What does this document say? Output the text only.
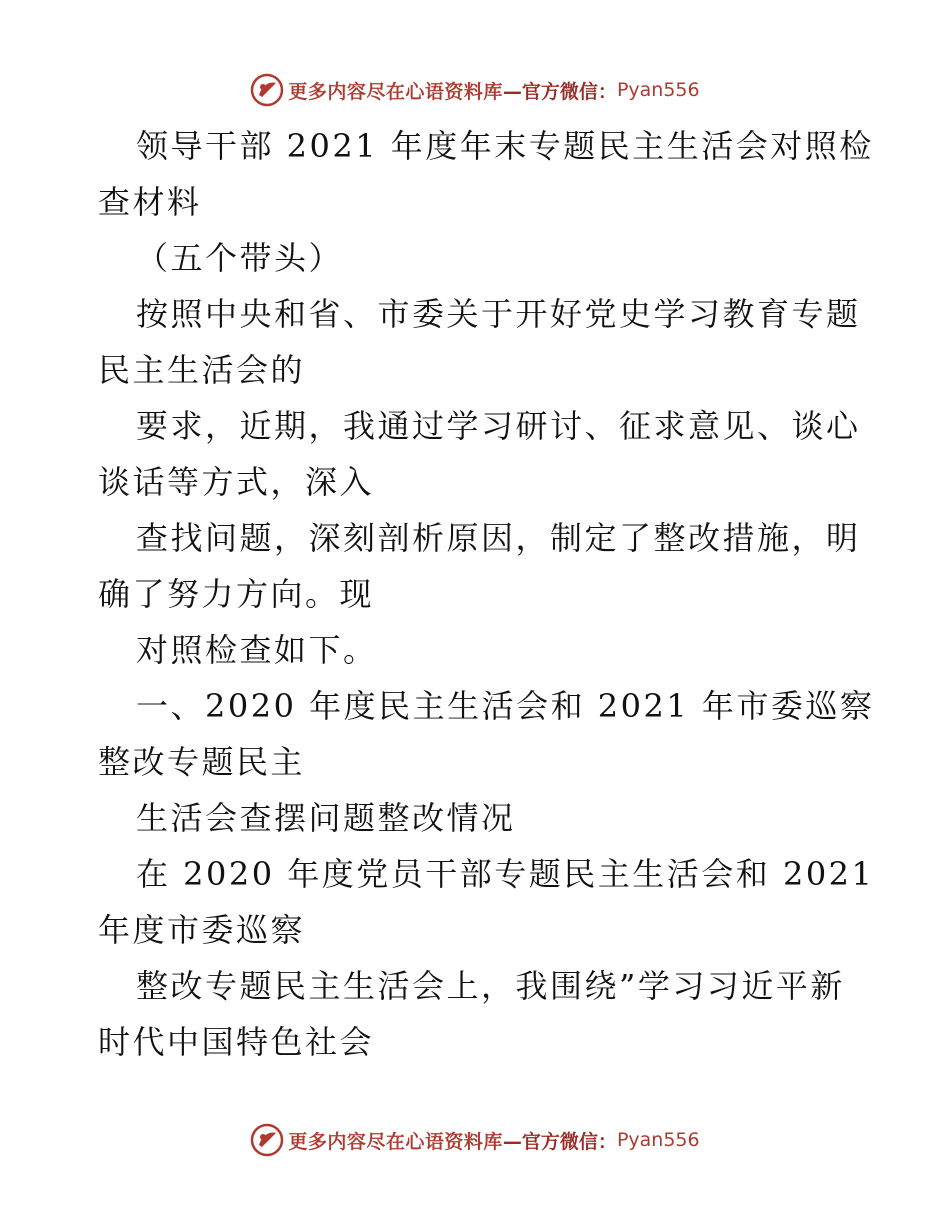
更多内容尽在心语资料库 —官方微信： Pyan556
领导干部 2021 年度年末专题民主生活会对照检
查材料
（五个带头）
按照中央和省、市委关于开好党史学习教育专题
民主生活会的
要求，近期，我通过学习研讨、征求意见、谈心
谈话等方式，深入
查找问题，深刻剖析原因，制定了整改措施，明
确了努力方向。现
对照检查如下。
一、2020 年度民主生活会和 2021 年市委巡察
整改专题民主
生活会查摆问题整改情况
在 2020 年度党员干部专题民主生活会和 2021
年度市委巡察
整改专题民主生活会上，我围绕”学习习近平新
时代中国特色社会
更多内容尽在心语资料库 —官方微信： Pyan556
